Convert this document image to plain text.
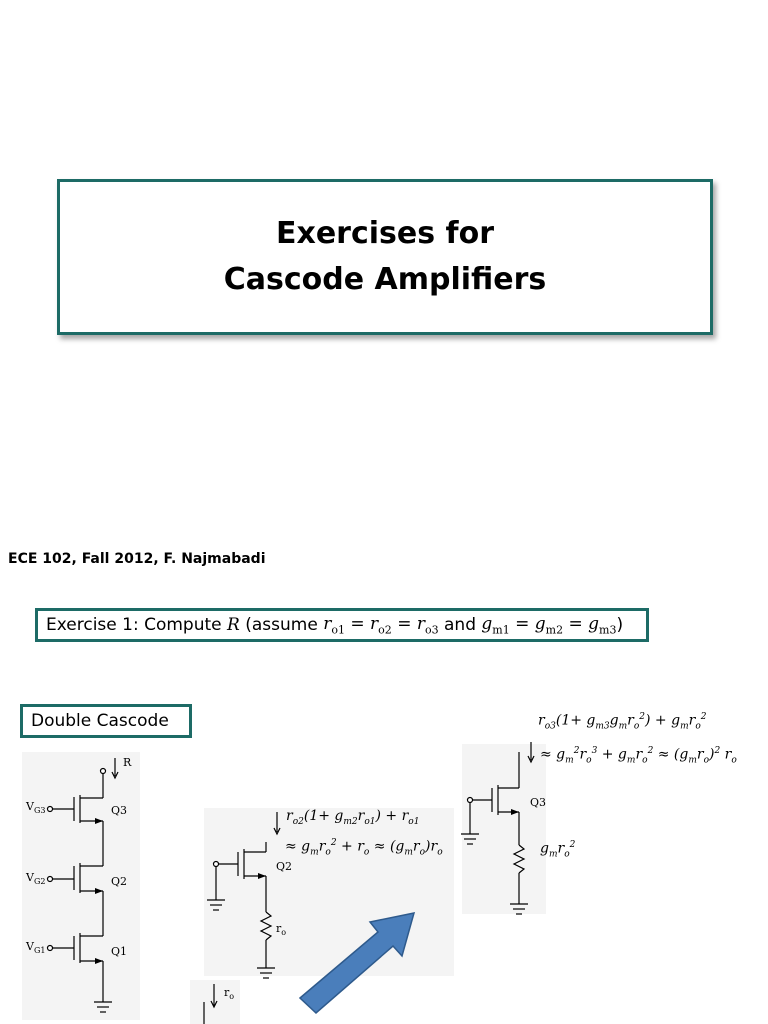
Exercises for
Cascode Amplifiers
ECE 102, Fall 2012, F. Najmabadi
Exercise 1: Compute
R
(assume
$r_{o1} = r_{o2} = r_{o3}$
and
$g_{m1} = g_{m2} = g_{m3}$ )
Double Cascode
R
$V_{G3}$
$V_{G2}$
$V_{G1}$
Q3
Q2
Q1
Q2
$r_o$
$r_{o2}(1+ g_{m2}r_{o1}) + r_{o1}$
≈ $g_mr_o^2 + r_o \approx (g_mr_o)r_o$
Q3
$r_{o3}(1+ g_{m3}g_mr_o^2) + g_mr_o^2$
≈ $g_m^2r_o^3 + g_mr_o^2 \approx (g_mr_o)^2$ $r_o$
$g_mr_o^2$
$r_o$
